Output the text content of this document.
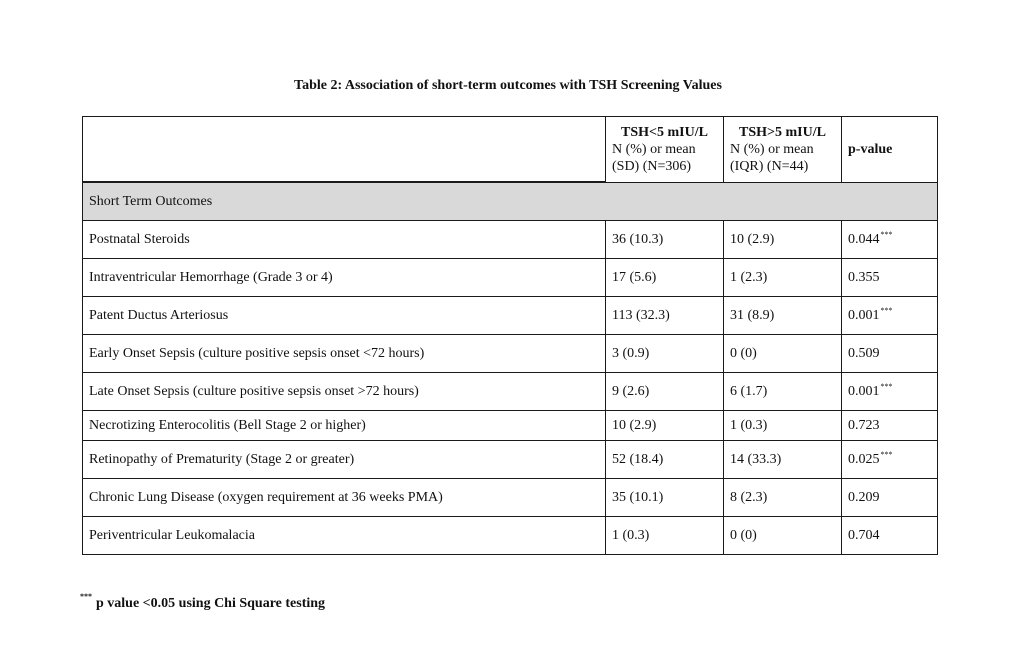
Table 2: Association of short-term outcomes with TSH Screening Values

	TSH<5 mIU/L
N (%) or mean
(SD) (N=306)	TSH>5 mIU/L
N (%) or mean
(IQR) (N=44)	p-value

Short Term Outcomes			
Postnatal Steroids	36 (10.3)	10 (2.9)	0.044***
Intraventricular Hemorrhage (Grade 3 or 4)	17 (5.6)	1 (2.3)	0.355
Patent Ductus Arteriosus	113 (32.3)	31 (8.9)	0.001***
Early Onset Sepsis (culture positive sepsis onset <72 hours)	3 (0.9)	0 (0)	0.509
Late Onset Sepsis (culture positive sepsis onset >72 hours)	9 (2.6)	6 (1.7)	0.001***
Necrotizing Enterocolitis (Bell Stage 2 or higher)	10 (2.9)	1 (0.3)	0.723
Retinopathy of Prematurity (Stage 2 or greater)	52 (18.4)	14 (33.3)	0.025***
Chronic Lung Disease (oxygen requirement at 36 weeks PMA)	35 (10.1)	8 (2.3)	0.209
Periventricular Leukomalacia	1 (0.3)	0 (0)	0.704

*** p value <0.05 using Chi Square testing
